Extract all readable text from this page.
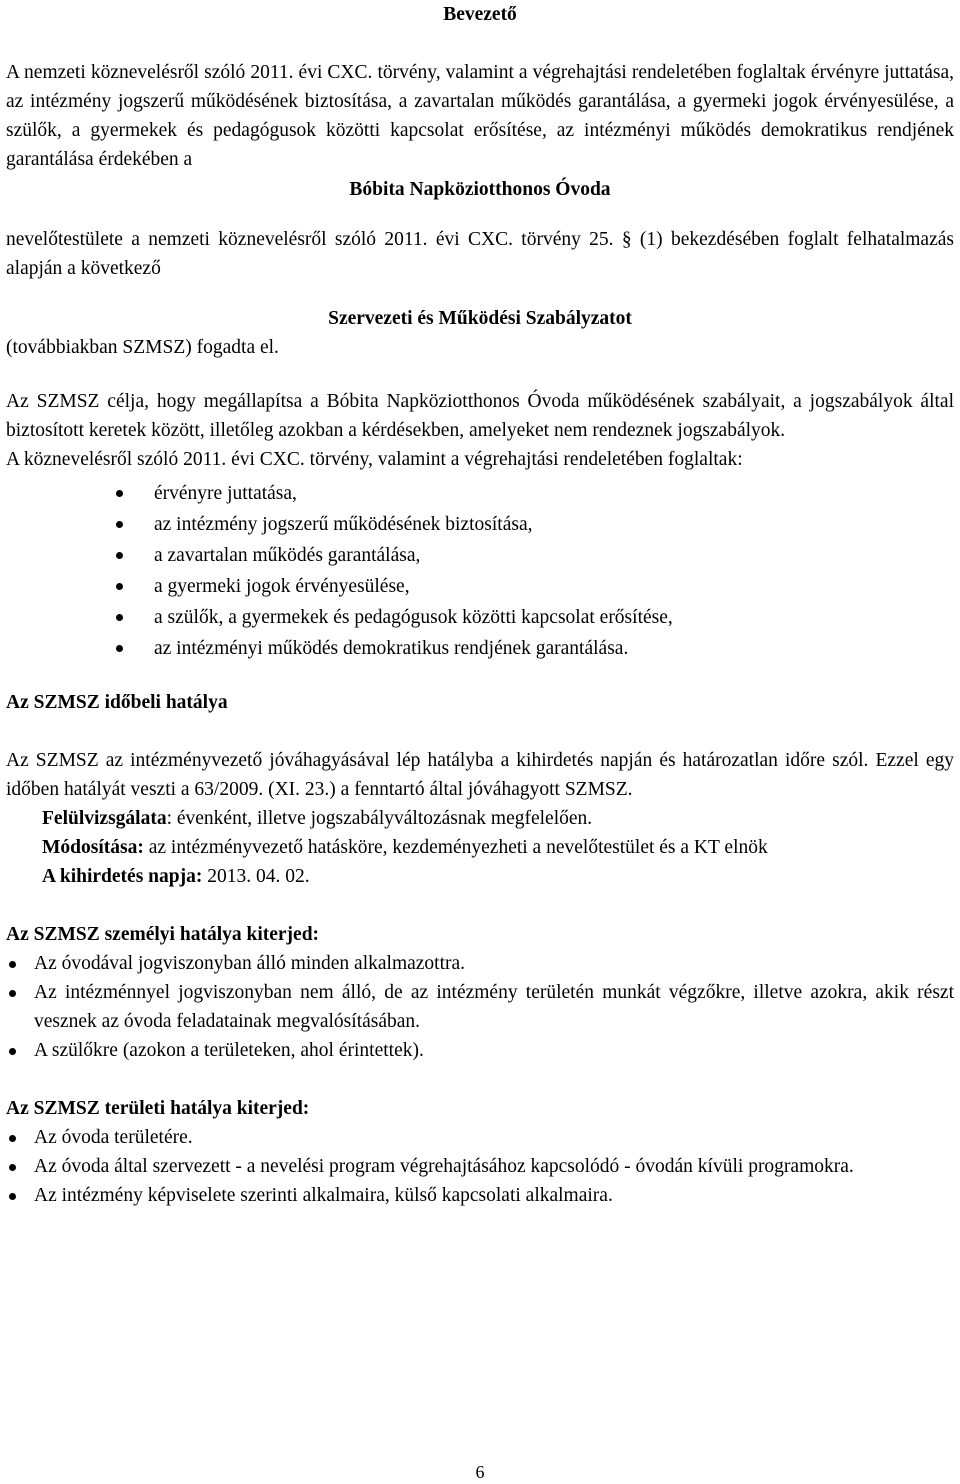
Bevezető

A nemzeti köznevelésről szóló 2011. évi CXC. törvény, valamint a végrehajtási rendeletében foglaltak érvényre juttatása, az intézmény jogszerű működésének biztosítása, a zavartalan működés garantálása, a gyermeki jogok érvényesülése, a szülők, a gyermekek és pedagógusok közötti kapcsolat erősítése, az intézményi működés demokratikus rendjének garantálása érdekében a

Bóbita Napköziotthonos Óvoda

nevelőtestülete a nemzeti köznevelésről szóló 2011. évi CXC. törvény 25. § (1) bekezdésében foglalt felhatalmazás alapján a következő

Szervezeti és Működési Szabályzatot

(továbbiakban SZMSZ) fogadta el.

Az SZMSZ célja, hogy megállapítsa a Bóbita Napköziotthonos Óvoda működésének szabályait, a jogszabályok által biztosított keretek között, illetőleg azokban a kérdésekben, amelyeket nem rendeznek jogszabályok.

A köznevelésről szóló 2011. évi CXC. törvény, valamint a végrehajtási rendeletében foglaltak:

érvényre juttatása,
az intézmény jogszerű működésének biztosítása,
a zavartalan működés garantálása,
a gyermeki jogok érvényesülése,
a szülők, a gyermekek és pedagógusok közötti kapcsolat erősítése,
az intézményi működés demokratikus rendjének garantálása.
Az SZMSZ időbeli hatálya

Az SZMSZ az intézményvezető jóváhagyásával lép hatályba a kihirdetés napján és határozatlan időre szól. Ezzel egy időben hatályát veszti a 63/2009. (XI. 23.) a fenntartó által jóváhagyott SZMSZ.

Felülvizsgálata: évenként, illetve jogszabályváltozásnak megfelelően.

Módosítása: az intézményvezető hatásköre, kezdeményezheti a nevelőtestület és a KT elnök

A kihirdetés napja: 2013. 04. 02.

Az SZMSZ személyi hatálya kiterjed:
Az óvodával jogviszonyban álló minden alkalmazottra.
Az intézménnyel jogviszonyban nem álló, de az intézmény területén munkát végzőkre, illetve azokra, akik részt vesznek az óvoda feladatainak megvalósításában.
A szülőkre (azokon a területeken, ahol érintettek).
Az SZMSZ területi hatálya kiterjed:
Az óvoda területére.
Az óvoda által szervezett - a nevelési program végrehajtásához kapcsolódó - óvodán kívüli programokra.
Az intézmény képviselete szerinti alkalmaira, külső kapcsolati alkalmaira.
6
